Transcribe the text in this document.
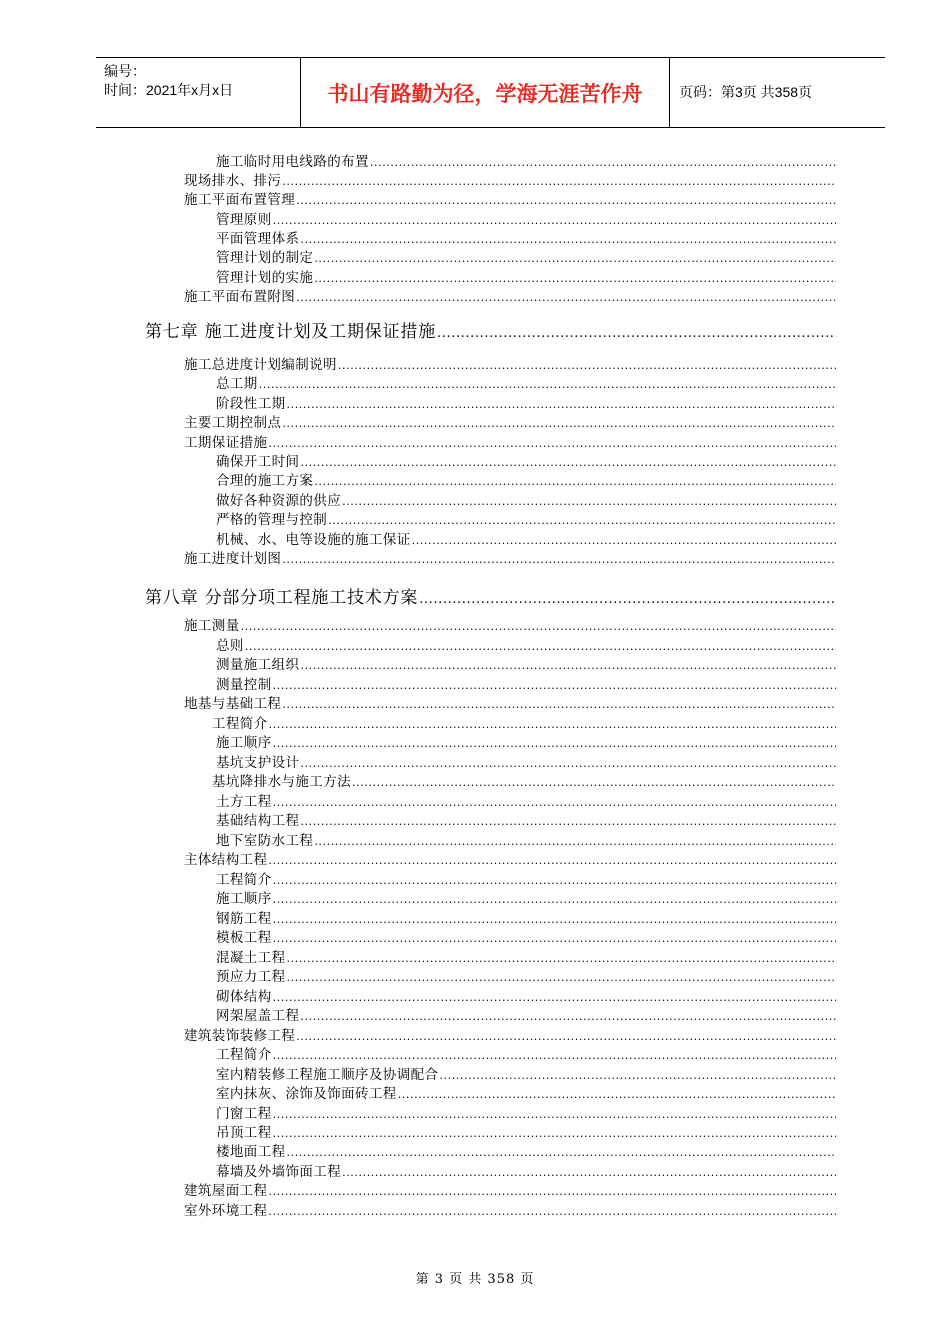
编号：
时间：2021年x月x日	书山有路勤为径，学海无涯苦作舟	页码：第3页 共358页
施工临时用电线路的布置
.....
现场排水、排污
.....
施工平面布置管理
.....
管理原则
.....
平面管理体系
.....
管理计划的制定
.....
管理计划的实施
.....
施工平面布置附图
.....
第七章 施工进度计划及工期保证措施
.....
施工总进度计划编制说明
.....
总工期
.....
阶段性工期
.....
主要工期控制点
.....
工期保证措施
.....
确保开工时间
.....
合理的施工方案
.....
做好各种资源的供应
.....
严格的管理与控制
.....
机械、水、电等设施的施工保证
.....
施工进度计划图
.....
第八章 分部分项工程施工技术方案
.....
施工测量
.....
总则
.....
测量施工组织
.....
测量控制
.....
地基与基础工程
.....
工程简介
.....
施工顺序
.....
基坑支护设计
.....
基坑降排水与施工方法
.....
土方工程
.....
基础结构工程
.....
地下室防水工程
.....
主体结构工程
.....
工程简介
.....
施工顺序
.....
钢筋工程
.....
模板工程
.....
混凝土工程
.....
预应力工程
.....
砌体结构
.....
网架屋盖工程
.....
建筑装饰装修工程
.....
工程简介
.....
室内精装修工程施工顺序及协调配合
.....
室内抹灰、涂饰及饰面砖工程
.....
门窗工程
.....
吊顶工程
.....
楼地面工程
.....
幕墙及外墙饰面工程
.....
建筑屋面工程
.....
室外环境工程
.....
第 3 页 共 358 页
